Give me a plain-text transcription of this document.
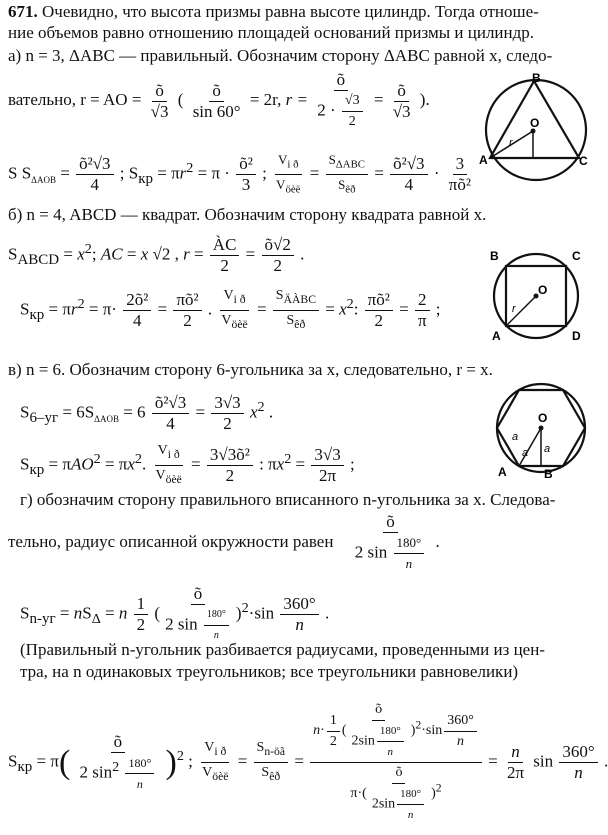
671. Очевидно, что высота призмы равна высоте цилиндр. Тогда отноше-
ние объемов равно отношению площадей оснований призмы и цилиндр.
а) n = 3, ΔABC — правильный. Обозначим сторону ΔABC равной x, следо-
вательно, r = AO = $\frac{õ}{√3}$ ( $\frac{õ}{\sin 60^\circ} = 2r$, $r = \frac{õ}{2 \cdot \frac{√3}{2}} = \frac{õ}{√3}$ ).
S $S_{\Delta AOB} = \frac{\text{õ²√3}}{4}$ ; $S_{кр} = \pi r^2 = \pi \cdot \frac{\text{õ²}}{3}$ ; $\frac{V_{i ð}}{V_{öèë}} = \frac{S_{\Delta ABC}}{S_{êð}} = \frac{\text{õ²√3}}{4} \cdot \frac{3}{\text{πõ²}}$
B
A	C
O
r
б) n = 4, ABCD — квадрат. Обозначим сторону квадрата равной x.
$S_{ABCD} = x^2$; AC = x √2 , $r = \frac{ÀC}{2} = \frac{õ√2}{2}$ .
$S_{кр} = \pi r^2 = \pi\cdot \frac{\text{2õ²}}{4} = \frac{\text{πõ²}}{2}$ . $\frac{V_{i ð}}{V_{öèë}} = \frac{S_{ÄÀBC}}{S_{êð}} = x^2$: $\frac{\text{πõ²}}{2} = \frac{2}{\pi}$ ;
B	C
A	D
O
r
в) n = 6. Обозначим сторону 6-угольника за x, следовательно, r = x.
$S_{6-уг} = 6S_{\Delta AOB} = 6 \frac{\text{õ²√3}}{4} = \frac{3√3}{2} x^2$ .
$S_{кр} = \pi AO^2 = \pi x^2$. $\frac{V_{i ð}}{V_{öèë}} = \frac{\text{3√3õ²}}{2}$ : $\pi x^2 = \frac{3√3}{2\pi}$ ;
O
A	B
a
a a
г) обозначим сторону правильного вписанного n-угольника за x. Следова-
тельно, радиус описанной окружности равен $\frac{õ}{2 \sin \frac{180^\circ}{n}}$ .
$S_{n-уг} = nS_\Delta = n \frac{1}{2}$ ( $\frac{õ}{2 \sin \frac{180^\circ}{n}} )^2\cdot\sin \frac{360^\circ}{n}$ .
(Правильный n-угольник разбивается радиусами, проведенными из цен-
тра, на n одинаковых треугольников; все треугольники равновелики)
$S_{кр} = \pi( \frac{õ}{2 \sin^2 \frac{180^\circ}{n}} )^2$ ; $\frac{V_{i ð}}{V_{öèë}} = \frac{S_{n-öã}}{S_{êð}} = \frac{n\cdot \frac{1}{2} ( \frac{õ}{2\sin \frac{180^\circ}{n}} )^2\cdot\sin \frac{360^\circ}{n}}{\pi\cdot( \frac{õ}{2\sin \frac{180^\circ}{n}} )^2} = \frac{n}{2\pi}$ $\sin \frac{360^\circ}{n}$ .
